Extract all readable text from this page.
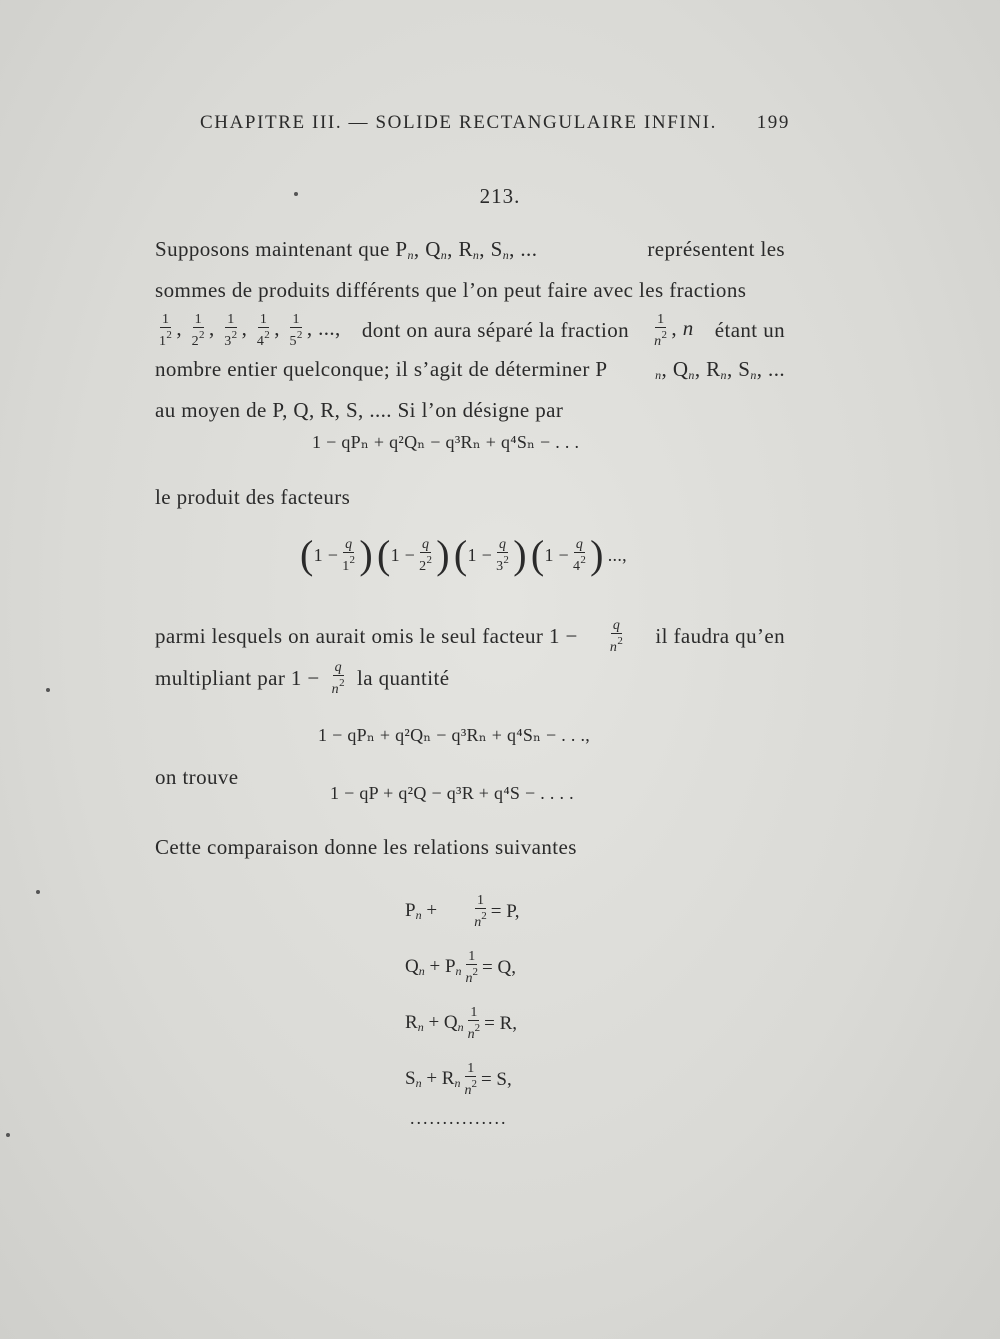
CHAPITRE III. — SOLIDE RECTANGULAIRE INFINI. 199
213.
Supposons maintenant que $P_n$, $Q_n$, $R_n$, $S_n$, ...	représentent les
sommes de produits différents que l’on peut faire avec les fractions
$\frac{1}{1^2}$ , $\frac{1}{2^2}$ , $\frac{1}{3^2}$ , $\frac{1}{4^2}$ , $\frac{1}{5^2}$ , ..., dont on aura séparé la fraction $\frac{1}{n^2}$ , n étant un
nombre entier quelconque; il s’agit de déterminer P	$_n$, $Q_n$, $R_n$, $S_n$, ...
au moyen de P, Q, R, S, .... Si l’on désigne par
1 − qPₙ + q²Qₙ − q³Rₙ + q⁴Sₙ − . . .
le produit des facteurs
( $1 - \frac{q}{1^2}$ ) ( $1 - \frac{q}{2^2}$ ) ( $1 - \frac{q}{3^2}$ ) ( $1 - \frac{q}{4^2}$ ) ...,
parmi lesquels on aurait omis le seul facteur $1 - \frac{q}{n^2}$ il faudra qu’en
multipliant par $1 - \frac{q}{n^2}$ la quantité
1 − qPₙ + q²Qₙ − q³Rₙ + q⁴Sₙ − . . .,
on trouve
1 − qP + q²Q − q³R + q⁴S − . . . .
Cette comparaison donne les relations suivantes
$P_n + \frac{1}{n^2} = P$,
$Q_n + P_n \frac{1}{n^2} = Q$,
$R_n + Q_n \frac{1}{n^2} = R$,
$S_n + R_n \frac{1}{n^2} = S$,
...............
